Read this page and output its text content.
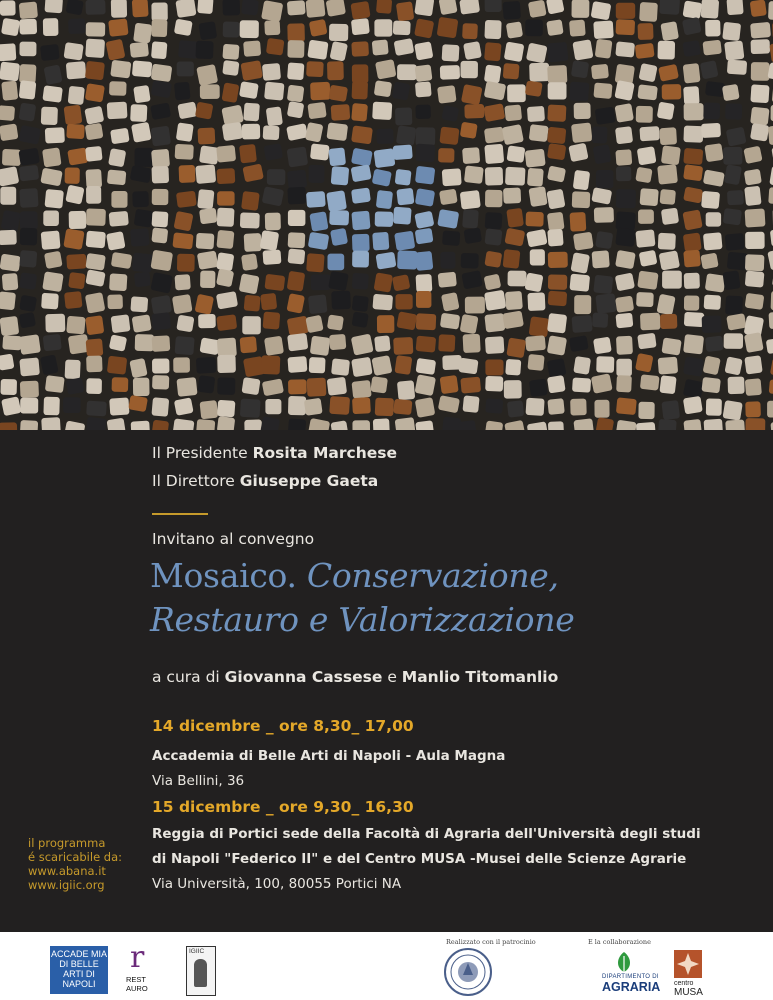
Il Presidente Rosita Marchese
Il Direttore Giuseppe Gaeta
Invitano al convegno
Mosaico. Conservazione,
Restauro e Valorizzazione
a cura di Giovanna Cassese e Manlio Titomanlio
14 dicembre _ ore 8,30_ 17,00
Accademia di Belle Arti di Napoli - Aula Magna
Via Bellini, 36
15 dicembre _ ore 9,30_ 16,30
Reggia di Portici sede della Facoltà di Agraria dell'Università degli studi
di Napoli "Federico II" e del Centro MUSA -Musei delle Scienze Agrarie
Via Università, 100, 80055 Portici NA
il programma
é scaricabile da:
www.abana.it
www.igiic.org
ACCADE MIA DI BELLE ARTI DI NAPOLI
r
REST AURO
IGIIC
Realizzato con il patrocinio	E la collaborazione
DIPARTIMENTO DI
AGRARIA centro
MUSA
